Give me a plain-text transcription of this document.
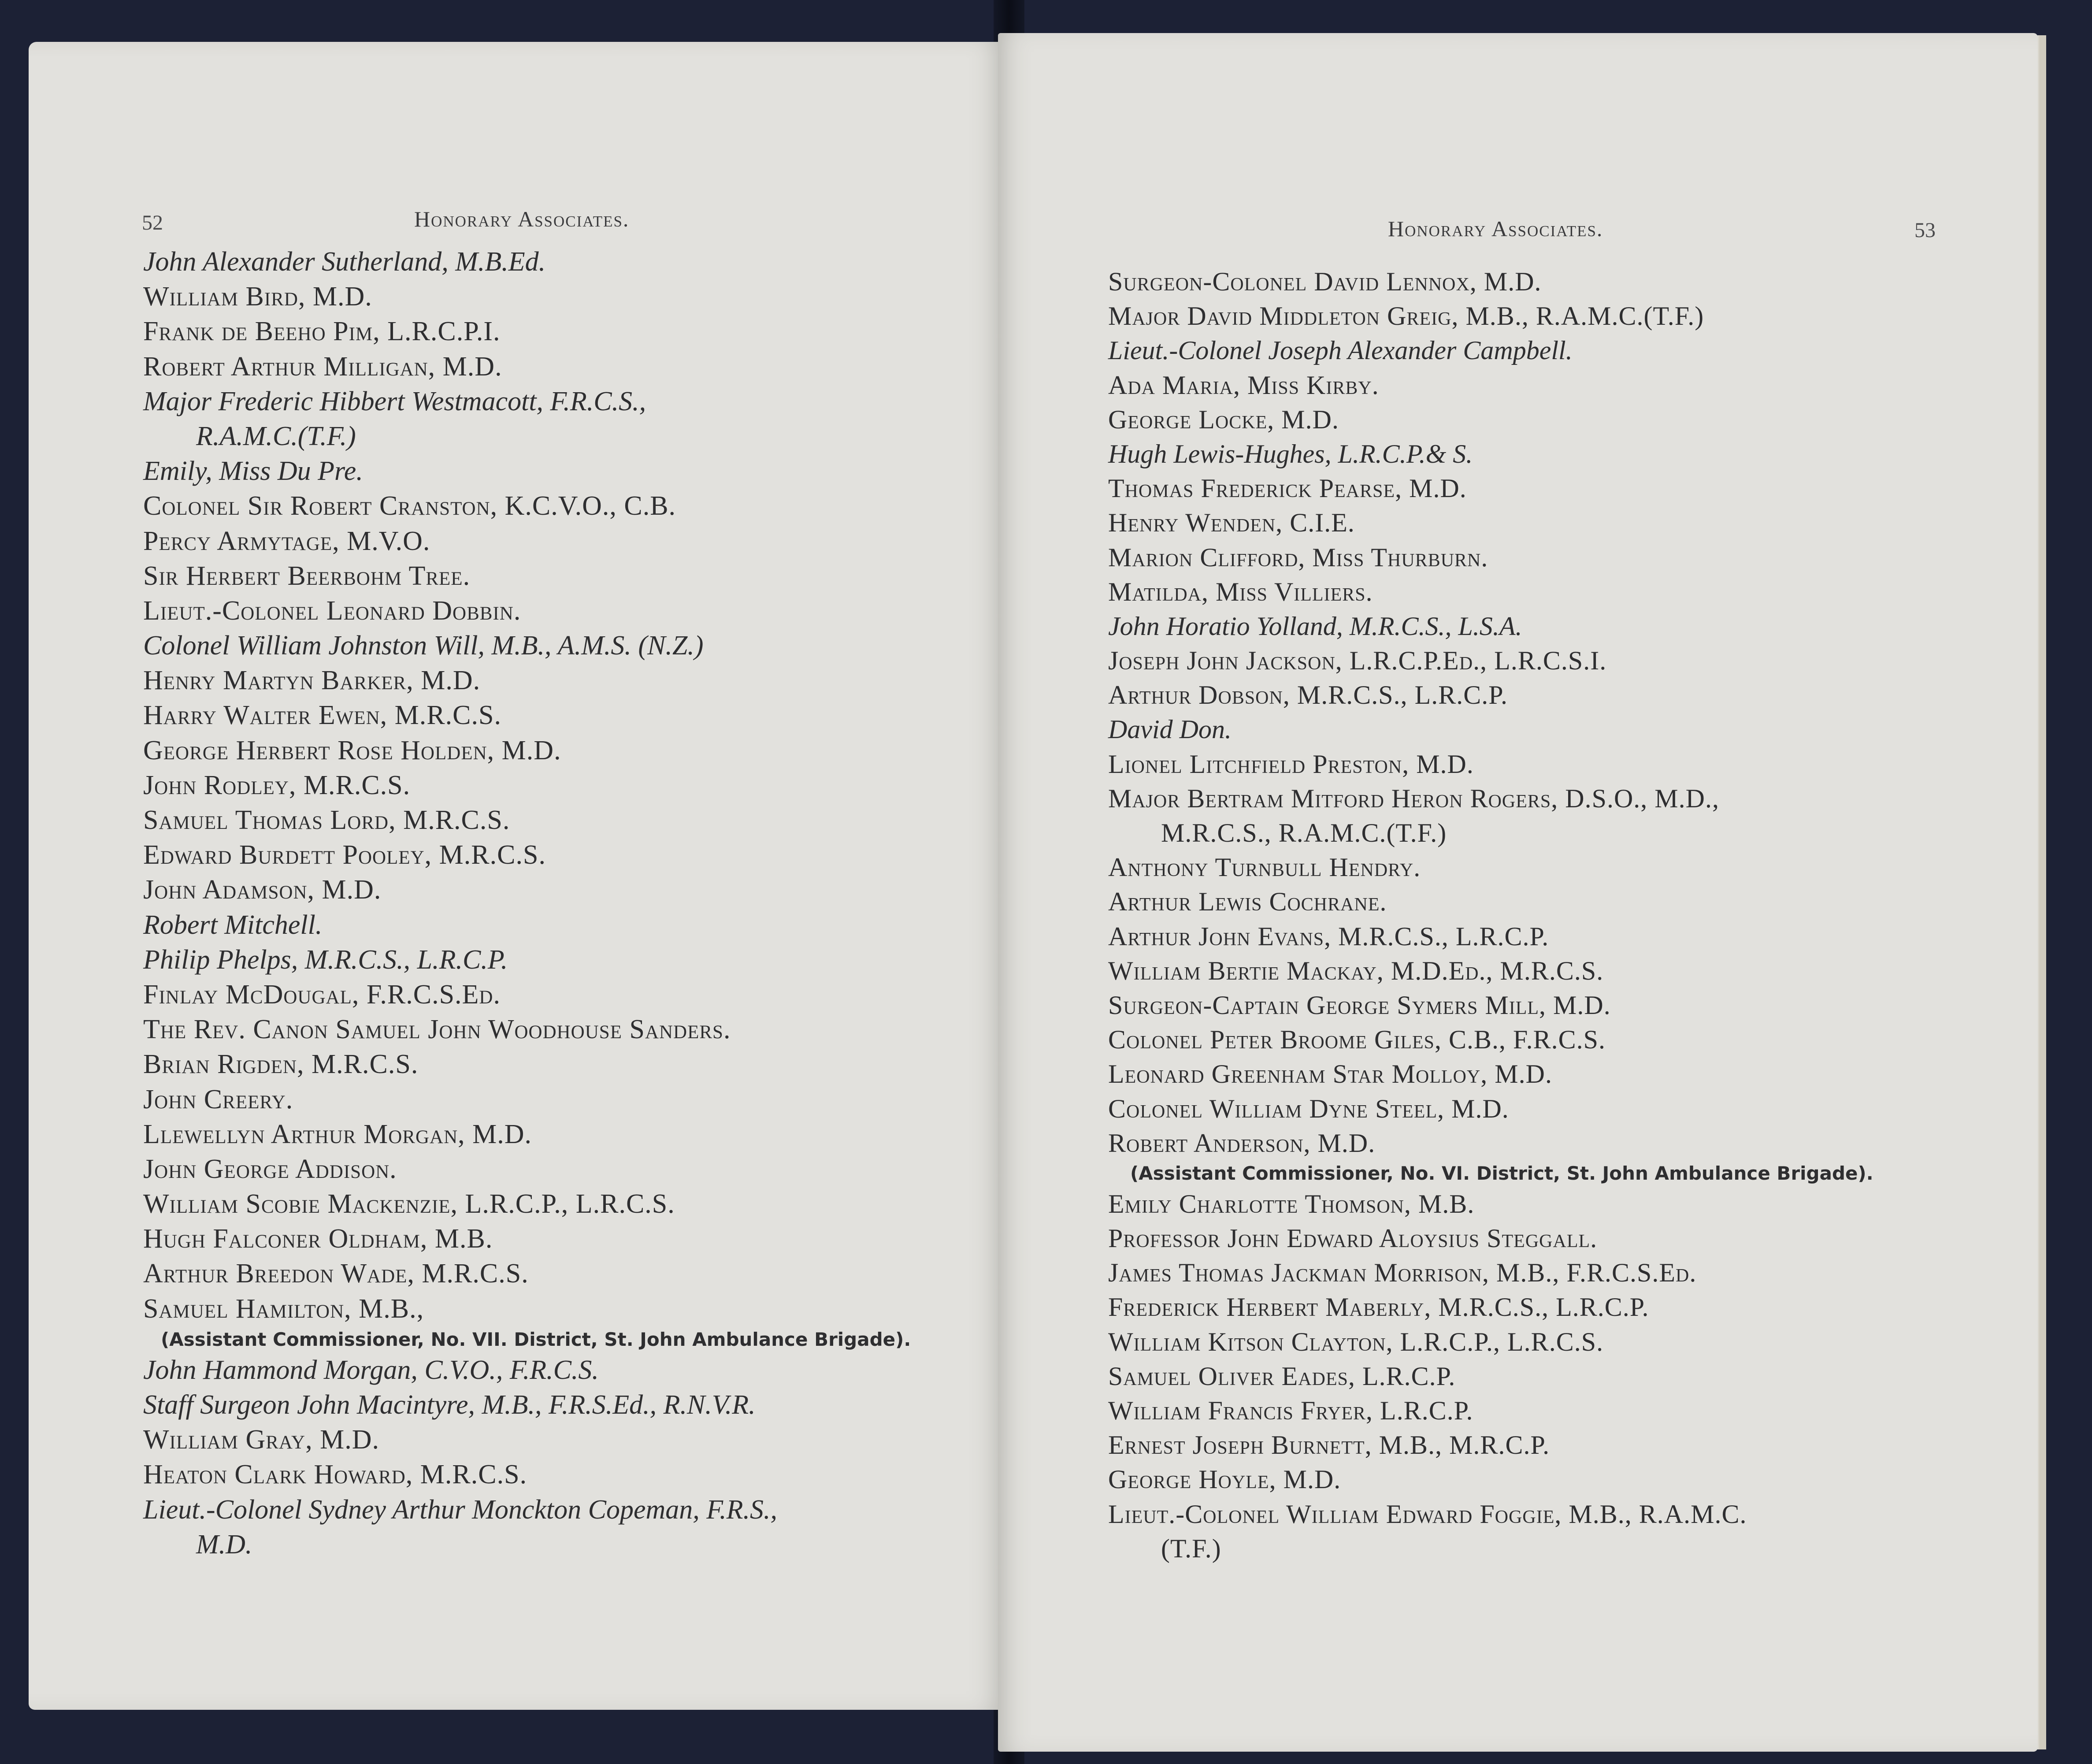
52	Honorary Associates.	Honorary Associates.	53
John Alexander Sutherland, M.B.Ed.
William Bird, M.D.
Frank de Beeho Pim, L.R.C.P.I.
Robert Arthur Milligan, M.D.
Major Frederic Hibbert Westmacott, F.R.C.S.,
R.A.M.C.(T.F.)
Emily, Miss Du Pre.
Colonel Sir Robert Cranston, K.C.V.O., C.B.
Percy Armytage, M.V.O.
Sir Herbert Beerbohm Tree.
Lieut.-Colonel Leonard Dobbin.
Colonel William Johnston Will, M.B., A.M.S. (N.Z.)
Henry Martyn Barker, M.D.
Harry Walter Ewen, M.R.C.S.
George Herbert Rose Holden, M.D.
John Rodley, M.R.C.S.
Samuel Thomas Lord, M.R.C.S.
Edward Burdett Pooley, M.R.C.S.
John Adamson, M.D.
Robert Mitchell.
Philip Phelps, M.R.C.S., L.R.C.P.
Finlay McDougal, F.R.C.S.Ed.
The Rev. Canon Samuel John Woodhouse Sanders.
Brian Rigden, M.R.C.S.
John Creery.
Llewellyn Arthur Morgan, M.D.
John George Addison.
William Scobie Mackenzie, L.R.C.P., L.R.C.S.
Hugh Falconer Oldham, M.B.
Arthur Breedon Wade, M.R.C.S.
Samuel Hamilton, M.B.,
(Assistant Commissioner, No. VII. District, St. John Ambulance Brigade).
John Hammond Morgan, C.V.O., F.R.C.S.
Staff Surgeon John Macintyre, M.B., F.R.S.Ed., R.N.V.R.
William Gray, M.D.
Heaton Clark Howard, M.R.C.S.
Lieut.-Colonel Sydney Arthur Monckton Copeman, F.R.S.,
M.D.
Surgeon-Colonel David Lennox, M.D.
Major David Middleton Greig, M.B., R.A.M.C.(T.F.)
Lieut.-Colonel Joseph Alexander Campbell.
Ada Maria, Miss Kirby.
George Locke, M.D.
Hugh Lewis-Hughes, L.R.C.P.& S.
Thomas Frederick Pearse, M.D.
Henry Wenden, C.I.E.
Marion Clifford, Miss Thurburn.
Matilda, Miss Villiers.
John Horatio Yolland, M.R.C.S., L.S.A.
Joseph John Jackson, L.R.C.P.Ed., L.R.C.S.I.
Arthur Dobson, M.R.C.S., L.R.C.P.
David Don.
Lionel Litchfield Preston, M.D.
Major Bertram Mitford Heron Rogers, D.S.O., M.D.,
M.R.C.S., R.A.M.C.(T.F.)
Anthony Turnbull Hendry.
Arthur Lewis Cochrane.
Arthur John Evans, M.R.C.S., L.R.C.P.
William Bertie Mackay, M.D.Ed., M.R.C.S.
Surgeon-Captain George Symers Mill, M.D.
Colonel Peter Broome Giles, C.B., F.R.C.S.
Leonard Greenham Star Molloy, M.D.
Colonel William Dyne Steel, M.D.
Robert Anderson, M.D.
(Assistant Commissioner, No. VI. District, St. John Ambulance Brigade).
Emily Charlotte Thomson, M.B.
Professor John Edward Aloysius Steggall.
James Thomas Jackman Morrison, M.B., F.R.C.S.Ed.
Frederick Herbert Maberly, M.R.C.S., L.R.C.P.
William Kitson Clayton, L.R.C.P., L.R.C.S.
Samuel Oliver Eades, L.R.C.P.
William Francis Fryer, L.R.C.P.
Ernest Joseph Burnett, M.B., M.R.C.P.
George Hoyle, M.D.
Lieut.-Colonel William Edward Foggie, M.B., R.A.M.C.
(T.F.)
